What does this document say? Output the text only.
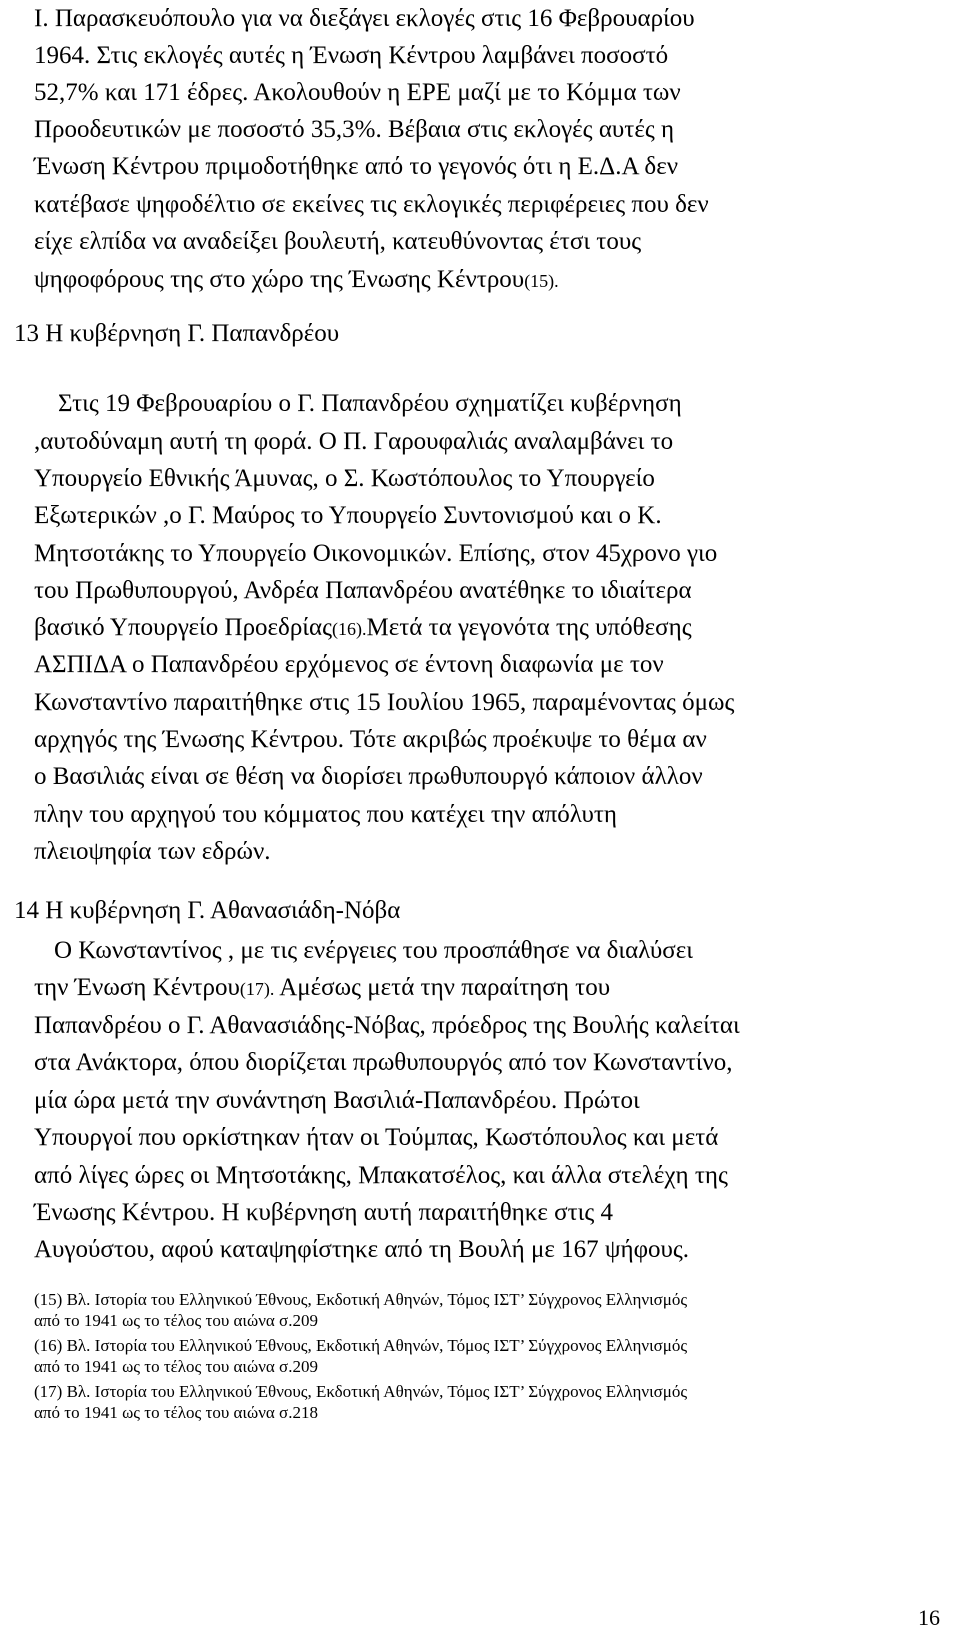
Ι. Παρασκευόπουλο για να διεξάγει εκλογές στις 16 Φεβρουαρίου
1964. Στις εκλογές αυτές η Ένωση Κέντρου λαμβάνει ποσοστό
52,7% και 171 έδρες. Ακολουθούν η ΕΡΕ μαζί με το Κόμμα των
Προοδευτικών με ποσοστό 35,3%. Βέβαια στις εκλογές αυτές η
Ένωση Κέντρου πριμοδοτήθηκε από το γεγονός ότι η Ε.Δ.Α δεν
κατέβασε ψηφοδέλτιο σε εκείνες τις εκλογικές περιφέρειες που δεν
είχε ελπίδα να αναδείξει βουλευτή, κατευθύνοντας έτσι τους
ψηφοφόρους της στο χώρο της Ένωσης Κέντρου(15).
13 Η κυβέρνηση Γ. Παπανδρέου
Στις 19 Φεβρουαρίου ο Γ. Παπανδρέου σχηματίζει κυβέρνηση
,αυτοδύναμη αυτή τη φορά. Ο Π. Γαρουφαλιάς αναλαμβάνει το
Υπουργείο Εθνικής Άμυνας, ο Σ. Κωστόπουλος το Υπουργείο
Εξωτερικών ,ο Γ. Μαύρος το Υπουργείο Συντονισμού και ο Κ.
Μητσοτάκης το Υπουργείο Οικονομικών. Επίσης, στον 45χρονο γιο
του Πρωθυπουργού, Ανδρέα Παπανδρέου ανατέθηκε το ιδιαίτερα
βασικό Υπουργείο Προεδρίας(16).Μετά τα γεγονότα της υπόθεσης
ΑΣΠΙΔΑ ο Παπανδρέου ερχόμενος σε έντονη διαφωνία με τον
Κωνσταντίνο παραιτήθηκε στις 15 Ιουλίου 1965, παραμένοντας όμως
αρχηγός της Ένωσης Κέντρου. Τότε ακριβώς προέκυψε το θέμα αν
ο Βασιλιάς είναι σε θέση να διορίσει πρωθυπουργό κάποιον άλλον
πλην του αρχηγού του κόμματος που κατέχει την απόλυτη
πλειοψηφία των εδρών.
14 Η κυβέρνηση Γ. Αθανασιάδη-Νόβα
Ο Κωνσταντίνος , με τις ενέργειες του προσπάθησε να διαλύσει
την Ένωση Κέντρου(17). Αμέσως μετά την παραίτηση του
Παπανδρέου ο Γ. Αθανασιάδης-Νόβας, πρόεδρος της Βουλής καλείται
στα Ανάκτορα, όπου διορίζεται πρωθυπουργός από τον Κωνσταντίνο,
μία ώρα μετά την συνάντηση Βασιλιά-Παπανδρέου. Πρώτοι
Υπουργοί που ορκίστηκαν ήταν οι Τούμπας, Κωστόπουλος και μετά
από λίγες ώρες οι Μητσοτάκης, Μπακατσέλος, και άλλα στελέχη της
Ένωσης Κέντρου. Η κυβέρνηση αυτή παραιτήθηκε στις 4
Αυγούστου, αφού καταψηφίστηκε από τη Βουλή με 167 ψήφους.
(15) Βλ. Ιστορία του Ελληνικού Έθνους, Εκδοτική Αθηνών, Τόμος ΙΣΤ’ Σύγχρονος Ελληνισμός
από το 1941 ως το τέλος του αιώνα σ.209
(16) Βλ. Ιστορία του Ελληνικού Έθνους, Εκδοτική Αθηνών, Τόμος ΙΣΤ’ Σύγχρονος Ελληνισμός
από το 1941 ως το τέλος του αιώνα σ.209
(17) Βλ. Ιστορία του Ελληνικού Έθνους, Εκδοτική Αθηνών, Τόμος ΙΣΤ’ Σύγχρονος Ελληνισμός
από το 1941 ως το τέλος του αιώνα σ.218
16
